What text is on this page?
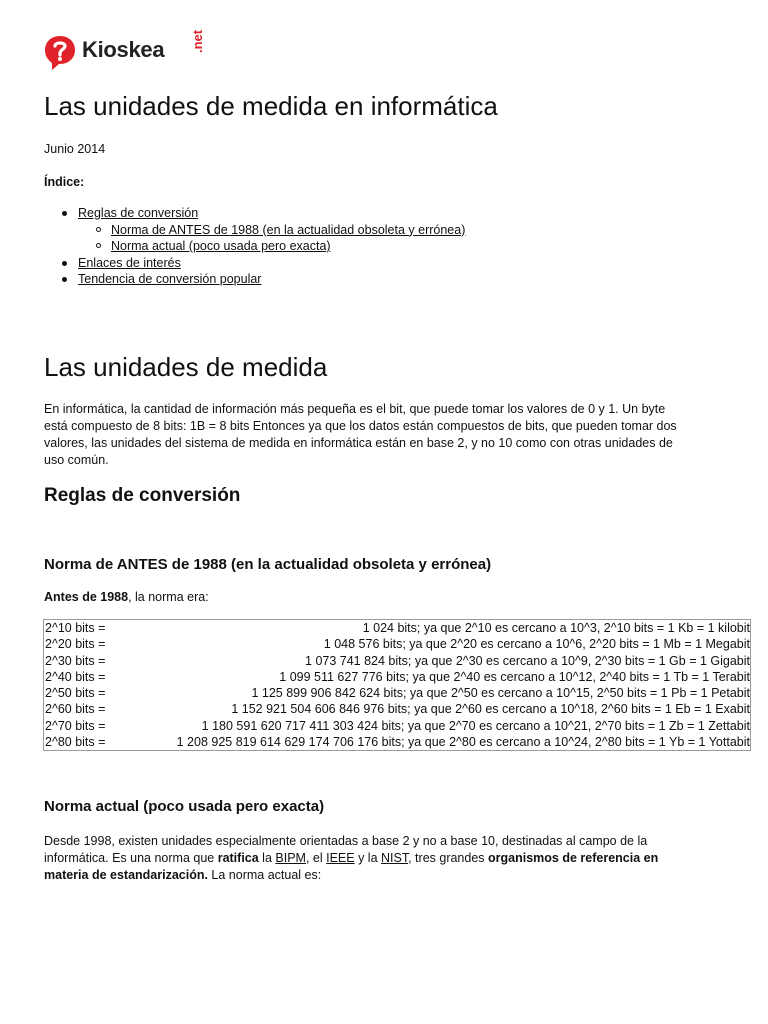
Kioskea .net
Las unidades de medida en informática

Junio 2014

Índice:

Reglas de conversión
Norma de ANTES de 1988 (en la actualidad obsoleta y errónea)
Norma actual (poco usada pero exacta)
Enlaces de interés
Tendencia de conversión popular
Las unidades de medida
En informática, la cantidad de información más pequeña es el bit, que puede tomar los valores de 0 y 1. Un byte
está compuesto de 8 bits: 1B = 8 bits Entonces ya que los datos están compuestos de bits, que pueden tomar dos
valores, las unidades del sistema de medida en informática están en base 2, y no 10 como con otras unidades de
uso común.
Reglas de conversión
Norma de ANTES de 1988 (en la actualidad obsoleta y errónea)

Antes de 1988, la norma era:

2^10 bits =	1 024 bits; ya que 2^10 es cercano a 10^3, 2^10 bits = 1 Kb = 1 kilobit
2^20 bits =	1 048 576 bits; ya que 2^20 es cercano a 10^6, 2^20 bits = 1 Mb = 1 Megabit
2^30 bits =	1 073 741 824 bits; ya que 2^30 es cercano a 10^9, 2^30 bits = 1 Gb = 1 Gigabit
2^40 bits =	1 099 511 627 776 bits; ya que 2^40 es cercano a 10^12, 2^40 bits = 1 Tb = 1 Terabit
2^50 bits =	1 125 899 906 842 624 bits; ya que 2^50 es cercano a 10^15, 2^50 bits = 1 Pb = 1 Petabit
2^60 bits =	1 152 921 504 606 846 976 bits; ya que 2^60 es cercano a 10^18, 2^60 bits = 1 Eb = 1 Exabit
2^70 bits =	1 180 591 620 717 411 303 424 bits; ya que 2^70 es cercano a 10^21, 2^70 bits = 1 Zb = 1 Zettabit
2^80 bits =	1 208 925 819 614 629 174 706 176 bits; ya que 2^80 es cercano a 10^24, 2^80 bits = 1 Yb = 1 Yottabit
Norma actual (poco usada pero exacta)
Desde 1998, existen unidades especialmente orientadas a base 2 y no a base 10, destinadas al campo de la
informática. Es una norma que ratifica la BIPM, el IEEE y la NIST, tres grandes organismos de referencia en
materia de estandarización. La norma actual es:
